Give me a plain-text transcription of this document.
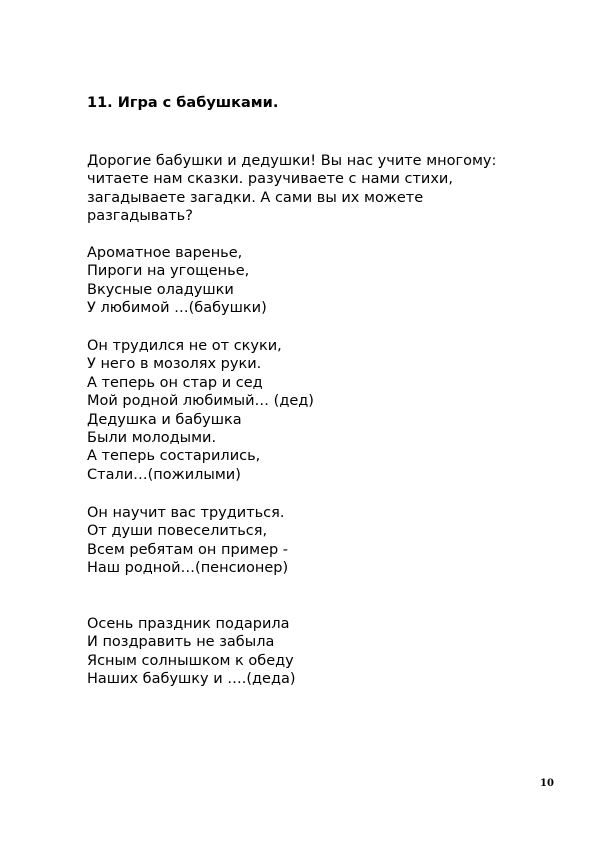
11. Игра с бабушками.
Дорогие бабушки и дедушки! Вы нас учите многому:
читаете нам сказки. разучиваете с нами стихи,
загадываете загадки. А сами вы их можете
разгадывать?
Ароматное варенье,
Пироги на угощенье,
Вкусные оладушки
У любимой …(бабушки)
Он трудился не от скуки,
У него в мозолях руки.
А теперь он стар и сед
Мой родной любимый… (дед)
Дедушка и бабушка
Были молодыми.
А теперь состарились,
Стали…(пожилыми)
Он научит вас трудиться.
От души повеселиться,
Всем ребятам он пример -
Наш родной…(пенсионер)
Осень праздник подарила
И поздравить не забыла
Ясным солнышком к обеду
Наших бабушку и ….(деда)
10
